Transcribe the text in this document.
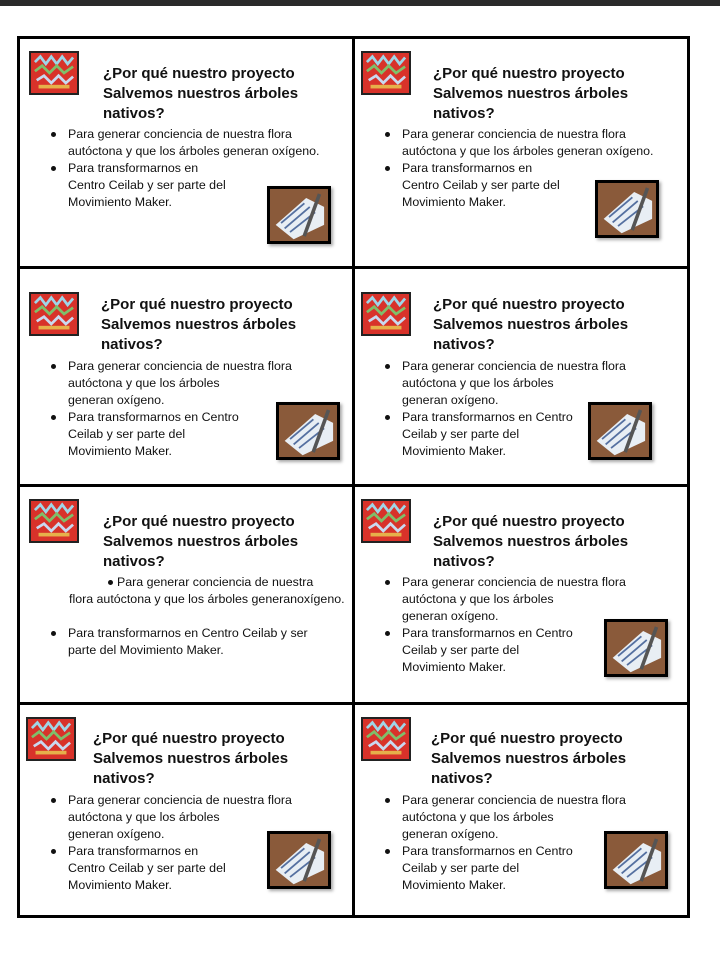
¿Por qué nuestro proyecto
Salvemos nuestros árboles
nativos?
Para generar conciencia de nuestra flora
autóctona y que los árboles generan oxígeno.
Para transformarnos en
Centro Ceilab y ser parte del
Movimiento Maker.
¿Por qué nuestro proyecto
Salvemos nuestros árboles
nativos?
Para generar conciencia de nuestra flora
autóctona y que los árboles generan oxígeno.
Para transformarnos en
Centro Ceilab y ser parte del
Movimiento Maker.
¿Por qué nuestro proyecto
Salvemos nuestros árboles
nativos?
Para generar conciencia de nuestra flora
autóctona y que los árboles
generan oxígeno.
Para transformarnos en Centro
Ceilab y ser parte del
Movimiento Maker.
¿Por qué nuestro proyecto
Salvemos nuestros árboles
nativos?
Para generar conciencia de nuestra flora
autóctona y que los árboles
generan oxígeno.
Para transformarnos en Centro
Ceilab y ser parte del
Movimiento Maker.
¿Por qué nuestro proyecto
Salvemos nuestros árboles
nativos?
Para generar conciencia de nuestra
flora autóctona y que los árboles generanoxígeno.
Para transformarnos en Centro Ceilab y ser
parte del Movimiento Maker.
¿Por qué nuestro proyecto
Salvemos nuestros árboles
nativos?
Para generar conciencia de nuestra flora
autóctona y que los árboles
generan oxígeno.
Para transformarnos en Centro
Ceilab y ser parte del
Movimiento Maker.
¿Por qué nuestro proyecto
Salvemos nuestros árboles
nativos?
Para generar conciencia de nuestra flora
autóctona y que los árboles
generan oxígeno.
Para transformarnos en
Centro Ceilab y ser parte del
Movimiento Maker.
¿Por qué nuestro proyecto
Salvemos nuestros árboles
nativos?
Para generar conciencia de nuestra flora
autóctona y que los árboles
generan oxígeno.
Para transformarnos en Centro
Ceilab y ser parte del
Movimiento Maker.
